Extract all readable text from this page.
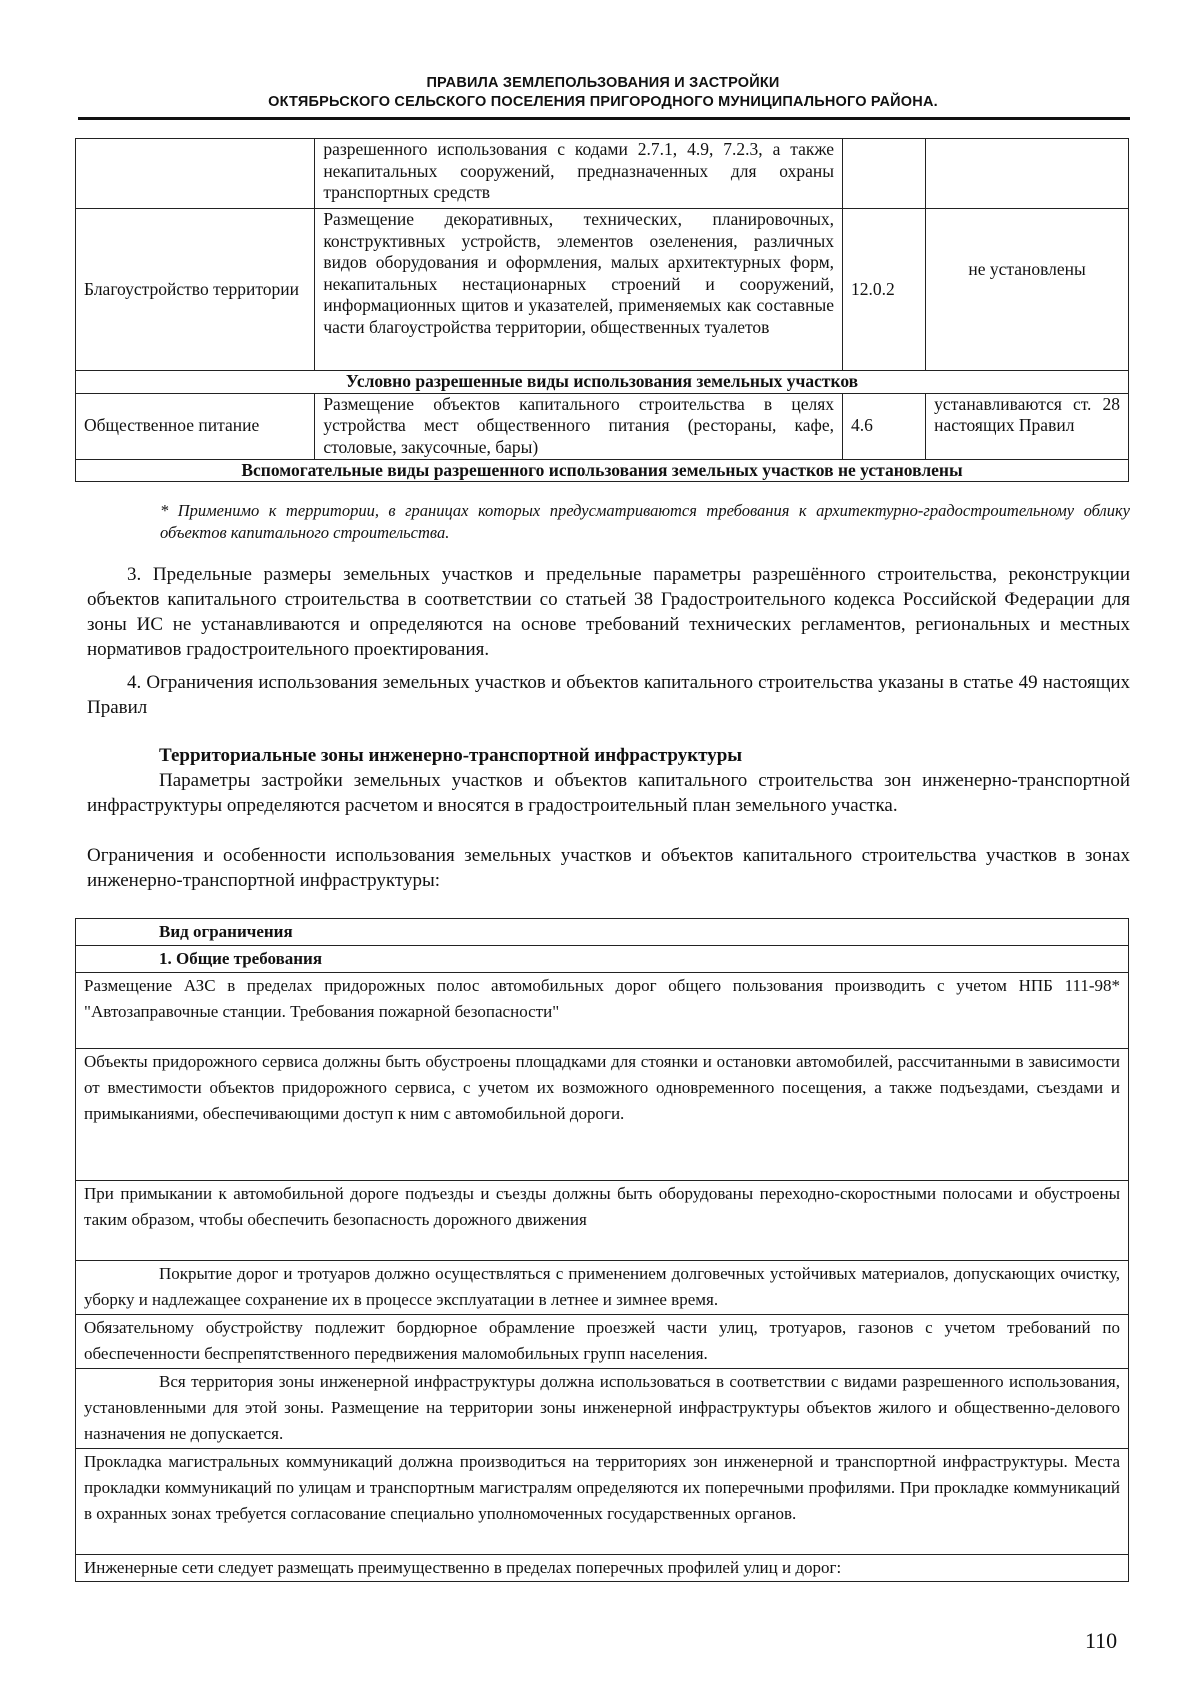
ПРАВИЛА ЗЕМЛЕПОЛЬЗОВАНИЯ И ЗАСТРОЙКИ
ОКТЯБРЬСКОГО СЕЛЬСКОГО ПОСЕЛЕНИЯ ПРИГОРОДНОГО МУНИЦИПАЛЬНОГО РАЙОНА.
	разрешенного использования с кодами 2.7.1, 4.9, 7.2.3, а также некапитальных сооружений, предназначенных для охраны транспортных средств		
Благоустройство территории	Размещение декоративных, технических, планировочных, конструктивных устройств, элементов озеленения, различных видов оборудования и оформления, малых архитектурных форм, некапитальных нестационарных строений и сооружений, информационных щитов и указателей, применяемых как составные части благоустройства территории, общественных туалетов	12.0.2	не установлены
Условно разрешенные виды использования земельных участков			
Общественное питание	Размещение объектов капитального строительства в целях устройства мест общественного питания (рестораны, кафе, столовые, закусочные, бары)	4.6	устанавливаются ст. 28 настоящих Правил
Вспомогательные виды разрешенного использования земельных участков не установлены			
* Применимо к территории, в границах которых предусматриваются требования к архитектурно-градостроительному облику объектов капитального строительства.
3. Предельные размеры земельных участков и предельные параметры разрешённого строительства, реконструкции объектов капитального строительства в соответствии со статьей 38 Градостроительного кодекса Российской Федерации для зоны ИС не устанавливаются и определяются на основе требований технических регламентов, региональных и местных нормативов градостроительного проектирования.
4. Ограничения использования земельных участков и объектов капитального строительства указаны в статье 49 настоящих Правил
Территориальные зоны инженерно-транспортной инфраструктуры
Параметры застройки земельных участков и объектов капитального строительства зон инженерно-транспортной инфраструктуры определяются расчетом и вносятся в градостроительный план земельного участка.
Ограничения и особенности использования земельных участков и объектов капитального строительства участков в зонах инженерно-транспортной инфраструктуры:
Вид ограничения
1. Общие требования
Размещение АЗС в пределах придорожных полос автомобильных дорог общего пользования производить с учетом НПБ 111-98* "Автозаправочные станции. Требования пожарной безопасности"
Объекты придорожного сервиса должны быть обустроены площадками для стоянки и остановки автомобилей, рассчитанными в зависимости от вместимости объектов придорожного сервиса, с учетом их возможного одновременного посещения, а также подъездами, съездами и примыканиями, обеспечивающими доступ к ним с автомобильной дороги.
При примыкании к автомобильной дороге подъезды и съезды должны быть оборудованы переходно-скоростными полосами и обустроены таким образом, чтобы обеспечить безопасность дорожного движения
Покрытие дорог и тротуаров должно осуществляться с применением долговечных устойчивых материалов, допускающих очистку, уборку и надлежащее сохранение их в процессе эксплуатации в летнее и зимнее время.
Обязательному обустройству подлежит бордюрное обрамление проезжей части улиц, тротуаров, газонов с учетом требований по обеспеченности беспрепятственного передвижения маломобильных групп населения.
Вся территория зоны инженерной инфраструктуры должна использоваться в соответствии с видами разрешенного использования, установленными для этой зоны. Размещение на территории зоны инженерной инфраструктуры объектов жилого и общественно-делового назначения не допускается.
Прокладка магистральных коммуникаций должна производиться на территориях зон инженерной и транспортной инфраструктуры. Места прокладки коммуникаций по улицам и транспортным магистралям определяются их поперечными профилями. При прокладке коммуникаций в охранных зонах требуется согласование специально уполномоченных государственных органов.
Инженерные сети следует размещать преимущественно в пределах поперечных профилей улиц и дорог:
110
